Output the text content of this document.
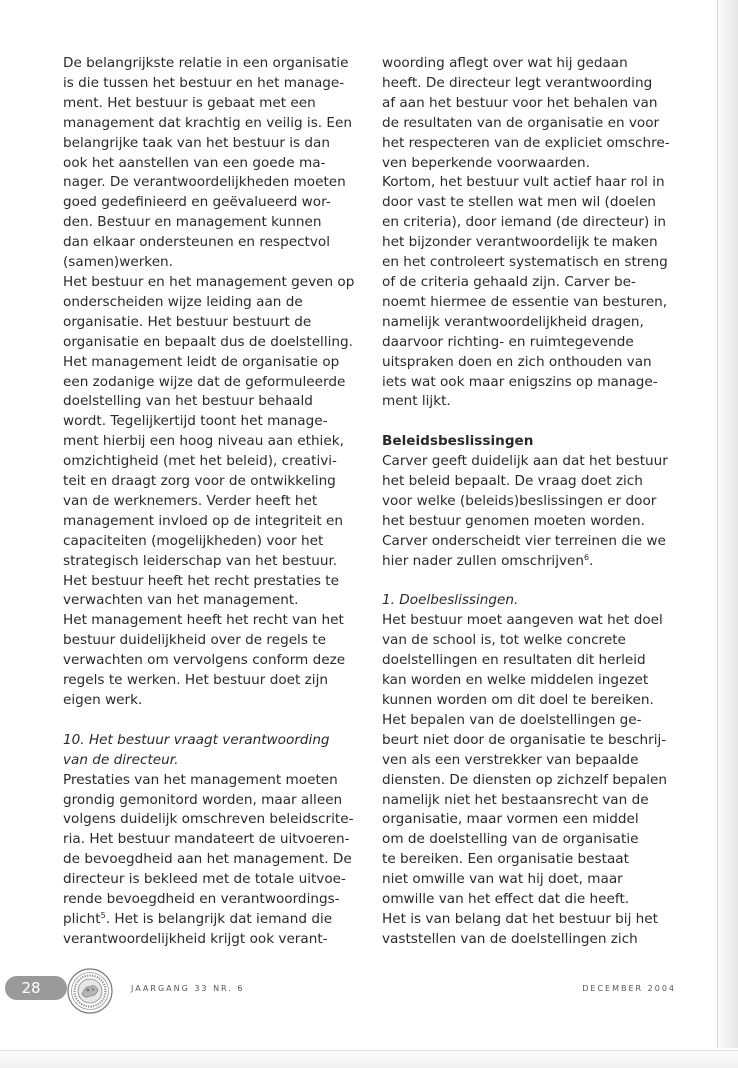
De belangrijkste relatie in een organisatie
is die tussen het bestuur en het manage-
ment. Het bestuur is gebaat met een
management dat krachtig en veilig is. Een
belangrijke taak van het bestuur is dan
ook het aanstellen van een goede ma-
nager. De verantwoordelijkheden moeten
goed gedefinieerd en geëvalueerd wor-
den. Bestuur en management kunnen
dan elkaar ondersteunen en respectvol
(samen)werken.
Het bestuur en het management geven op
onderscheiden wijze leiding aan de
organisatie. Het bestuur bestuurt de
organisatie en bepaalt dus de doelstelling.
Het management leidt de organisatie op
een zodanige wijze dat de geformuleerde
doelstelling van het bestuur behaald
wordt. Tegelijkertijd toont het manage-
ment hierbij een hoog niveau aan ethiek,
omzichtigheid (met het beleid), creativi-
teit en draagt zorg voor de ontwikkeling
van de werknemers. Verder heeft het
management invloed op de integriteit en
capaciteiten (mogelijkheden) voor het
strategisch leiderschap van het bestuur.
Het bestuur heeft het recht prestaties te
verwachten van het management.
Het management heeft het recht van het
bestuur duidelijkheid over de regels te
verwachten om vervolgens conform deze
regels te werken. Het bestuur doet zijn
eigen werk.
10. Het bestuur vraagt verantwoording
van de directeur.
Prestaties van het management moeten
grondig gemonitord worden, maar alleen
volgens duidelijk omschreven beleidscrite-
ria. Het bestuur mandateert de uitvoeren-
de bevoegdheid aan het management. De
directeur is bekleed met de totale uitvoe-
rende bevoegdheid en verantwoordings-
plicht$^5$. Het is belangrijk dat iemand die
verantwoordelijkheid krijgt ook verant-
woording aflegt over wat hij gedaan
heeft. De directeur legt verantwoording
af aan het bestuur voor het behalen van
de resultaten van de organisatie en voor
het respecteren van de expliciet omschre-
ven beperkende voorwaarden.
Kortom, het bestuur vult actief haar rol in
door vast te stellen wat men wil (doelen
en criteria), door iemand (de directeur) in
het bijzonder verantwoordelijk te maken
en het controleert systematisch en streng
of de criteria gehaald zijn. Carver be-
noemt hiermee de essentie van besturen,
namelijk verantwoordelijkheid dragen,
daarvoor richting- en ruimtegevende
uitspraken doen en zich onthouden van
iets wat ook maar enigszins op manage-
ment lijkt.
Beleidsbeslissingen
Carver geeft duidelijk aan dat het bestuur
het beleid bepaalt. De vraag doet zich
voor welke (beleids)beslissingen er door
het bestuur genomen moeten worden.
Carver onderscheidt vier terreinen die we
hier nader zullen omschrijven$^6$.
1. Doelbeslissingen.
Het bestuur moet aangeven wat het doel
van de school is, tot welke concrete
doelstellingen en resultaten dit herleid
kan worden en welke middelen ingezet
kunnen worden om dit doel te bereiken.
Het bepalen van de doelstellingen ge-
beurt niet door de organisatie te beschrij-
ven als een verstrekker van bepaalde
diensten. De diensten op zichzelf bepalen
namelijk niet het bestaansrecht van de
organisatie, maar vormen een middel
om de doelstelling van de organisatie
te bereiken. Een organisatie bestaat
niet omwille van wat hij doet, maar
omwille van het effect dat die heeft.
Het is van belang dat het bestuur bij het
vaststellen van de doelstellingen zich
28	JAARGANG 33 NR. 6	DECEMBER 2004
